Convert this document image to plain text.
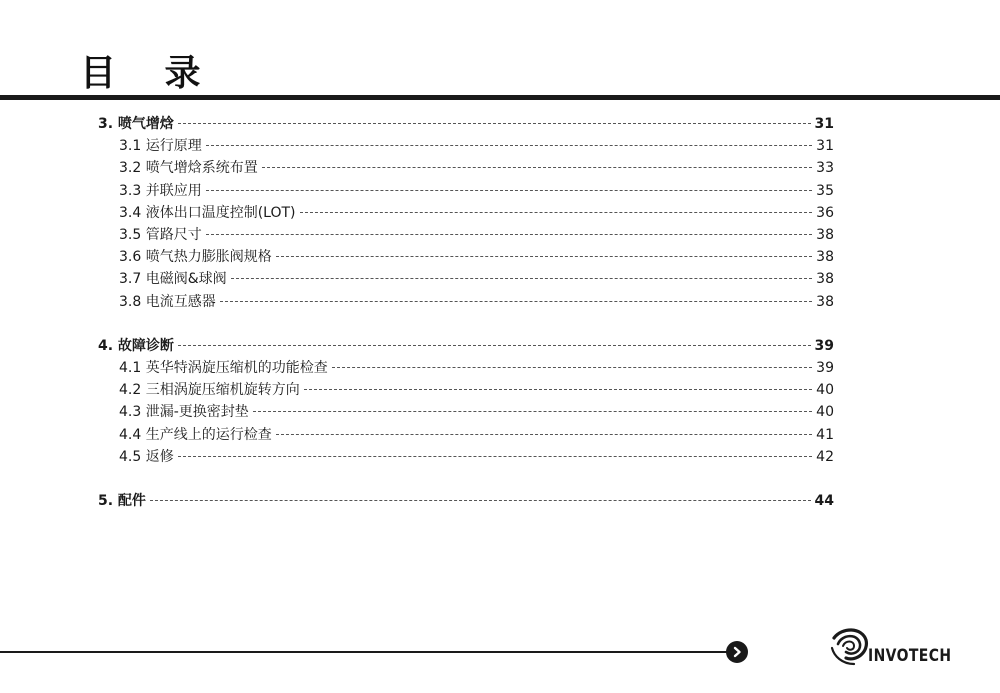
目 录
3. 喷气增焓	31
3.1 运行原理	31
3.2 喷气增焓系统布置	33
3.3 并联应用	35
3.4 液体出口温度控制(LOT)	36
3.5 管路尺寸	38
3.6 喷气热力膨胀阀规格	38
3.7 电磁阀&球阀	38
3.8 电流互感器	38
4. 故障诊断	39
4.1 英华特涡旋压缩机的功能检查	39
4.2 三相涡旋压缩机旋转方向	40
4.3 泄漏-更换密封垫	40
4.4 生产线上的运行检查	41
4.5 返修	42
5. 配件	44
INVOTECH
